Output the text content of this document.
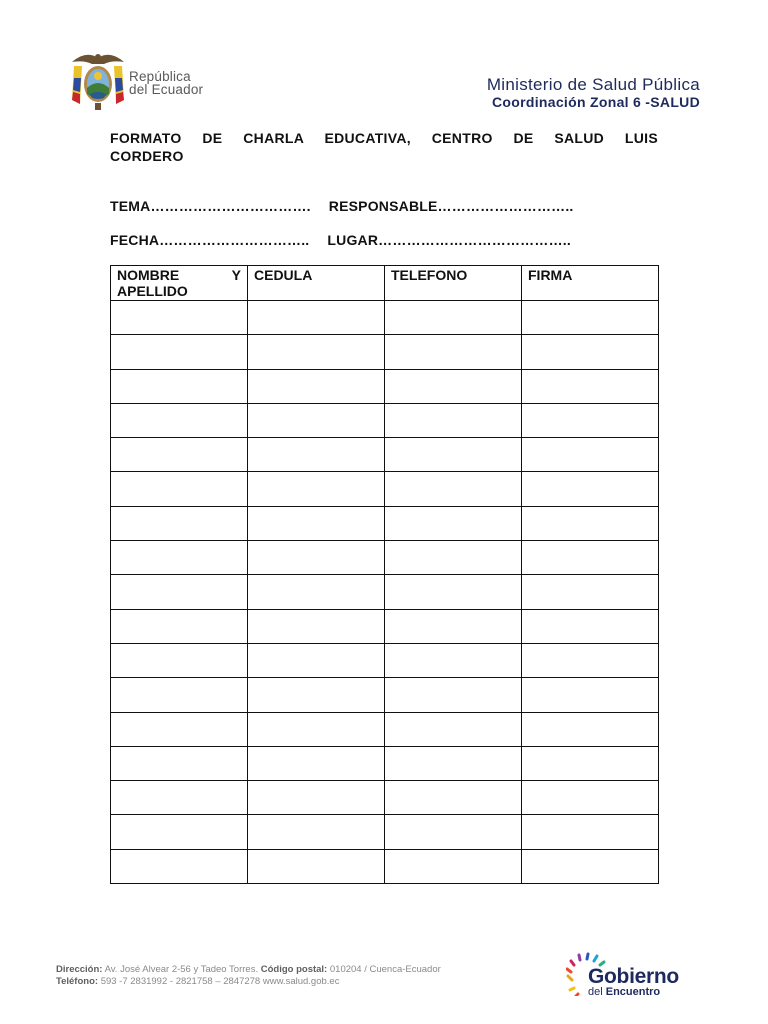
República
del Ecuador	Ministerio de Salud Pública
Coordinación Zonal 6 -SALUD
FORMATO DE CHARLA EDUCATIVA, CENTRO DE SALUD LUIS
CORDERO
TEMA……………………………. RESPONSABLE………………………..
FECHA………………………….. LUGAR…………………………………..
NOMBRE Y APELLIDO	CEDULA	TELEFONO	FIRMA

Dirección: Av. José Alvear 2-56 y Tadeo Torres. Código postal: 010204 / Cuenca-Ecuador
Teléfono: 593 -7 2831992 - 2821758 – 2847278 www.salud.gob.ec	Gobierno
del Encuentro
